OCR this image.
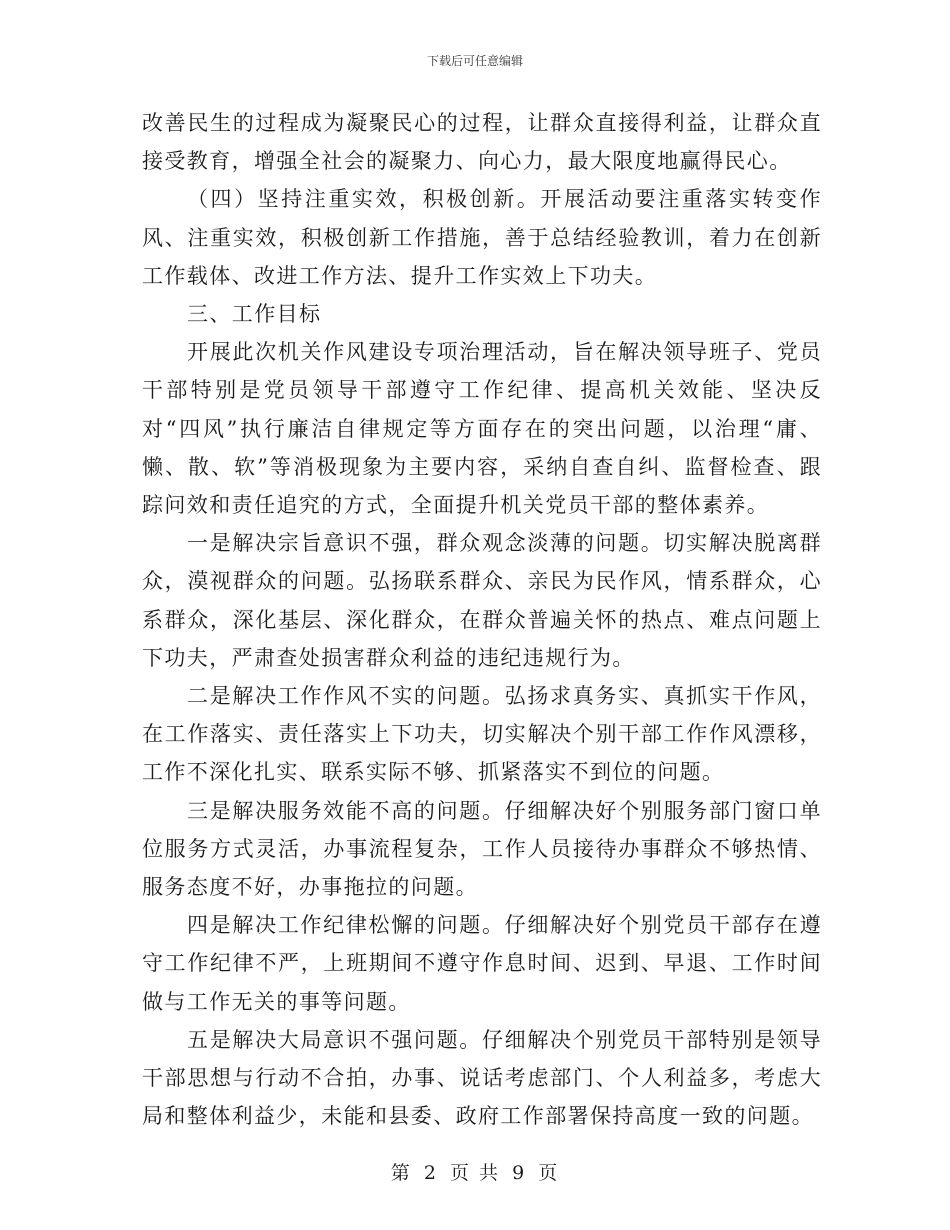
下载后可任意编辑

改善民生的过程成为凝聚民心的过程，让群众直接得利益，让群众直接受教育，增强全社会的凝聚力、向心力，最大限度地赢得民心。

（四）坚持注重实效，积极创新。开展活动要注重落实转变作风、注重实效，积极创新工作措施，善于总结经验教训，着力在创新工作载体、改进工作方法、提升工作实效上下功夫。

三、工作目标

开展此次机关作风建设专项治理活动，旨在解决领导班子、党员干部特别是党员领导干部遵守工作纪律、提高机关效能、坚决反对“四风”执行廉洁自律规定等方面存在的突出问题，以治理“庸、懒、散、软”等消极现象为主要内容，采纳自查自纠、监督检查、跟踪问效和责任追究的方式，全面提升机关党员干部的整体素养。

一是解决宗旨意识不强，群众观念淡薄的问题。切实解决脱离群众，漠视群众的问题。弘扬联系群众、亲民为民作风，情系群众，心系群众，深化基层、深化群众，在群众普遍关怀的热点、难点问题上下功夫，严肃查处损害群众利益的违纪违规行为。

二是解决工作作风不实的问题。弘扬求真务实、真抓实干作风，在工作落实、责任落实上下功夫，切实解决个别干部工作作风漂移，工作不深化扎实、联系实际不够、抓紧落实不到位的问题。

三是解决服务效能不高的问题。仔细解决好个别服务部门窗口单位服务方式灵活，办事流程复杂，工作人员接待办事群众不够热情、服务态度不好，办事拖拉的问题。

四是解决工作纪律松懈的问题。仔细解决好个别党员干部存在遵守工作纪律不严，上班期间不遵守作息时间、迟到、早退、工作时间做与工作无关的事等问题。

五是解决大局意识不强问题。仔细解决个别党员干部特别是领导干部思想与行动不合拍，办事、说话考虑部门、个人利益多，考虑大局和整体利益少，未能和县委、政府工作部署保持高度一致的问题。

第 2 页 共 9 页
